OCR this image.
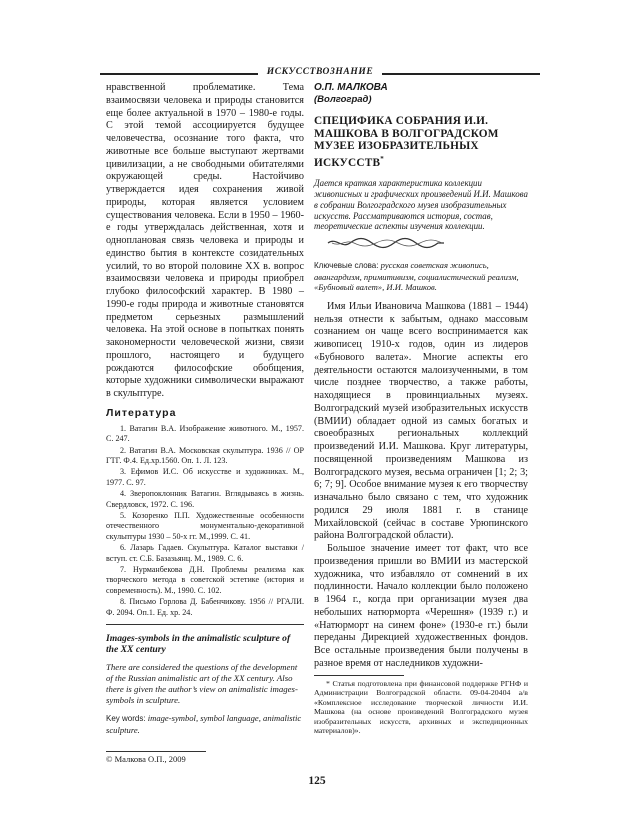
ИСКУССТВОЗНАНИЕ

нравственной проблематике. Тема взаимосвязи человека и природы становится еще более актуальной в 1970 – 1980-е годы. С этой темой ассоциируется будущее человечества, осознание того факта, что животные все больше выступают жертвами цивилизации, а не свободными обитателями окружающей среды. Настойчиво утверждается идея сохранения живой природы, которая является условием существования человека. Если в 1950 – 1960-е годы утверждалась действенная, хотя и одноплановая связь человека и природы и единство бытия в контексте созидательных усилий, то во второй половине XX в. вопрос взаимосвязи человека и природы приобрел глубоко философский характер. В 1980 – 1990-е годы природа и животные становятся предметом серьезных размышлений человека. На этой основе в попытках понять закономерности человеческой жизни, связи прошлого, настоящего и будущего рождаются философские обобщения, которые художники символически выражают в скульптуре.

Литература
1. Ватагин В.А. Изображение животного. М., 1957. С. 247.
2. Ватагин В.А. Московская скульптура. 1936 // ОР ГТГ. Ф.4. Ед.хр.1560. Оп. 1. Л. 123.
3. Ефимов И.С. Об искусстве и художниках. М., 1977. С. 97.
4. Зверопоклонник Ватагин. Вглядываясь в жизнь. Свердловск, 1972. С. 196.
5. Козоренко П.П. Художественные особенности отечественного монументально-декоративной скульптуры 1930 – 50-х гг. М.,1999. С. 41.
6. Лазарь Гадаев. Скульптура. Каталог выставки / вступ. ст. С.Б. Базазьянц. М., 1989. С. 6.
7. Нурманбекова Д.Н. Проблемы реализма как творческого метода в советской эстетике (история и современность). М., 1990. С. 102.
8. Письмо Горлова Д. Бабенчикову. 1956 // РГАЛИ. Ф. 2094. Оп.1. Ед. хр. 24.

Images-symbols in the animalistic sculpture of the XX century

There are considered the questions of the development of the Russian animalistic art of the XX century. Also there is given the author’s view on animalistic images-symbols in sculpture.

Key words: image-symbol, symbol language, animalistic sculpture.

© Малкова О.П., 2009

О.П. МАЛКОВА

(Волгоград)

СПЕЦИФИКА СОБРАНИЯ И.И. МАШКОВА В ВОЛГОГРАДСКОМ МУЗЕЕ ИЗОБРАЗИТЕЛЬНЫХ ИСКУССТВ*

Дается краткая характеристика коллекции живописных и графических произведений И.И. Машкова в собрании Волгоградского музея изобразительных искусств. Рассматриваются история, состав, теоретические аспекты изучения коллекции.

Ключевые слова: русская советская живопись, авангардизм, примитивизм, социалистический реализм, «Бубновый валет», И.И. Машков.

Имя Ильи Ивановича Машкова (1881 – 1944) нельзя отнести к забытым, однако массовым сознанием он чаще всего воспринимается как живописец 1910-х годов, один из лидеров «Бубнового валета». Многие аспекты его деятельности остаются малоизученными, в том числе позднее творчество, а также работы, находящиеся в провинциальных музеях. Волгоградский музей изобразительных искусств (ВМИИ) обладает одной из самых богатых и своеобразных региональных коллекций произведений И.И. Машкова. Круг литературы, посвященной произведениям Машкова из Волгоградского музея, весьма ограничен [1; 2; 3; 6; 7; 9]. Особое внимание музея к его творчеству изначально было связано с тем, что художник родился 29 июля 1881 г. в станице Михайловской (сейчас в составе Урюпинского района Волгоградской области).

Большое значение имеет тот факт, что все произведения пришли во ВМИИ из мастерской художника, что избавляло от сомнений в их подлинности. Начало коллекции было положено в 1964 г., когда при организации музея два небольших натюрморта «Черешня» (1939 г.) и «Натюрморт на синем фоне» (1930-е гг.) были переданы Дирекцией художественных фондов. Все остальные произведения были получены в разное время от наследников художни-

* Статья подготовлена при финансовой поддержке РГНФ и Администрации Волгоградской области. 09-04-20404 а/в «Комплексное исследование творческой личности И.И. Машкова (на основе произведений Волгоградского музея изобразительных искусств, архивных и экспедиционных материалов)».

125
